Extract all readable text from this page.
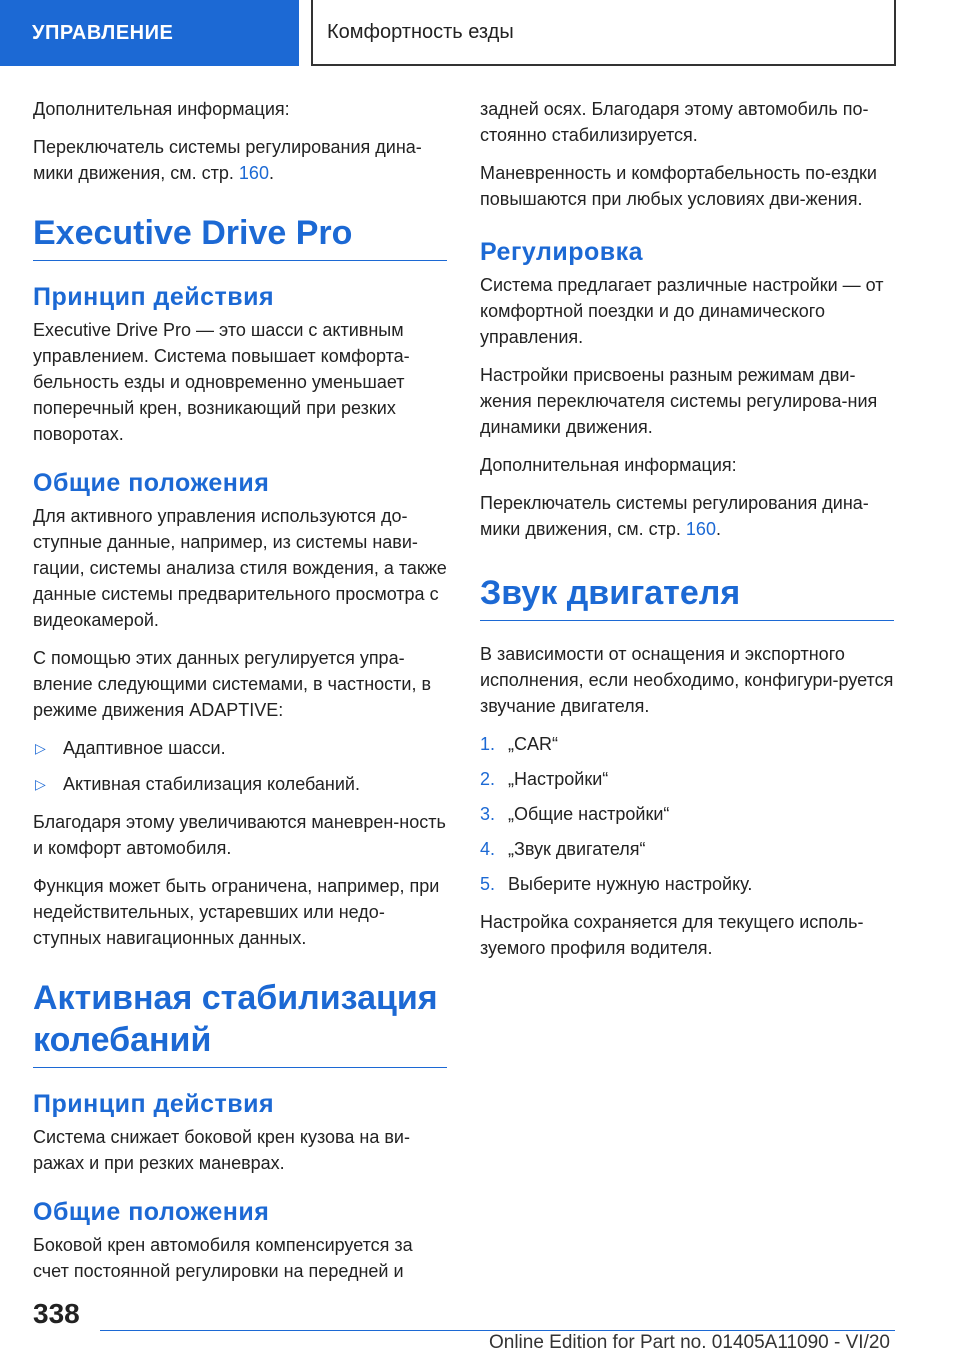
УПРАВЛЕНИЕ	Комфортность езды

Дополнительная информация:

Переключатель системы регулирования дина-мики движения, см. стр. 160.

Executive Drive Pro
Принцип действия

Executive Drive Pro — это шасси с активным управлением. Система повышает комфорта-бельность езды и одновременно уменьшает поперечный крен, возникающий при резких поворотах.

Общие положения

Для активного управления используются до-ступные данные, например, из системы нави-гации, системы анализа стиля вождения, а также данные системы предварительного просмотра с видеокамерой.

С помощью этих данных регулируется упра-вление следующими системами, в частности, в режиме движения ADAPTIVE:

▷ Адаптивное шасси.
▷ Активная стабилизация колебаний.

Благодаря этому увеличиваются маневрен-ность и комфорт автомобиля.

Функция может быть ограничена, например, при недействительных, устаревших или недо-ступных навигационных данных.

Активная стабилизация колебаний
Принцип действия

Система снижает боковой крен кузова на ви-ражах и при резких маневрах.

Общие положения

Боковой крен автомобиля компенсируется за счет постоянной регулировки на передней и

задней осях. Благодаря этому автомобиль по-стоянно стабилизируется.

Маневренность и комфортабельность по-ездки повышаются при любых условиях дви-жения.

Регулировка

Система предлагает различные настройки — от комфортной поездки и до динамического управления.

Настройки присвоены разным режимам дви-жения переключателя системы регулирова-ния динамики движения.

Дополнительная информация:

Переключатель системы регулирования дина-мики движения, см. стр. 160.

Звук двигателя

В зависимости от оснащения и экспортного исполнения, если необходимо, конфигури-руется звучание двигателя.

1. „CAR“
2. „Настройки“
3. „Общие настройки“
4. „Звук двигателя“
5. Выберите нужную настройку.

Настройка сохраняется для текущего исполь-зуемого профиля водителя.

338
Online Edition for Part no. 01405A11090 - VI/20
